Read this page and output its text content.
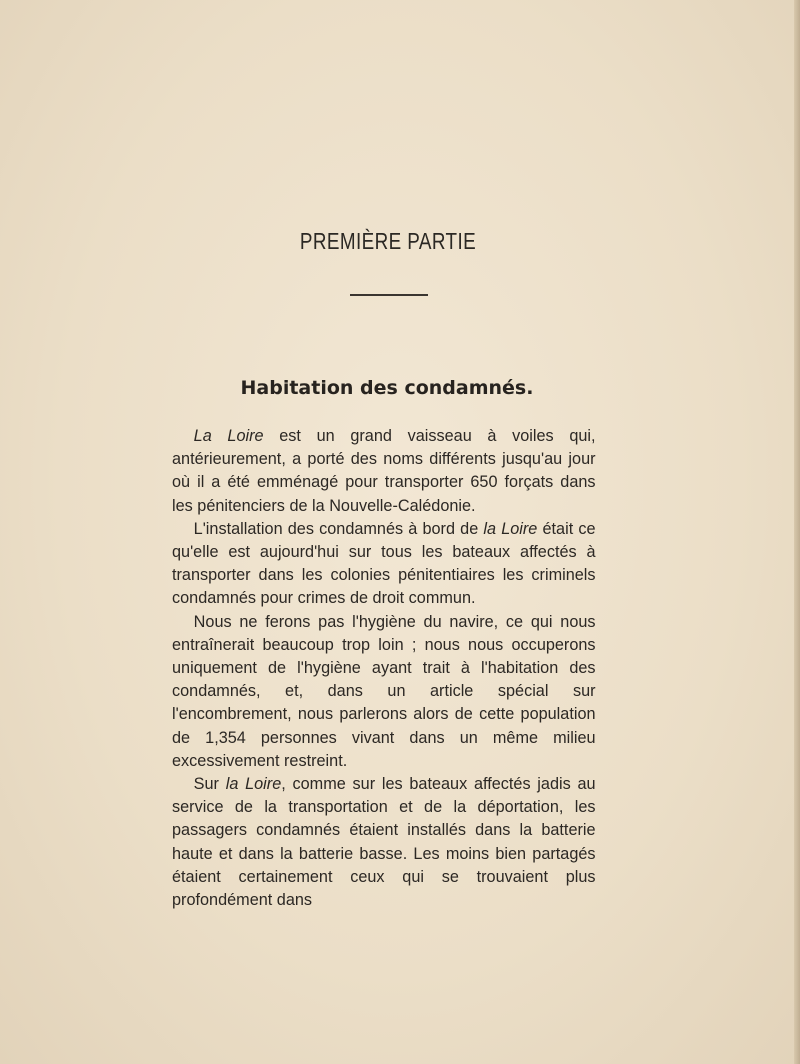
PREMIÈRE PARTIE
Habitation des condamnés.

La Loire est un grand vaisseau à voiles qui, antérieurement, a porté des noms différents jusqu'au jour où il a été emménagé pour transporter 650 forçats dans les pénitenciers de la Nouvelle-Calédonie.

L'installation des condamnés à bord de la Loire était ce qu'elle est aujourd'hui sur tous les bateaux affectés à transporter dans les colonies pénitentiaires les criminels condamnés pour crimes de droit commun.

Nous ne ferons pas l'hygiène du navire, ce qui nous entraînerait beaucoup trop loin ; nous nous occuperons uniquement de l'hygiène ayant trait à l'habitation des condamnés, et, dans un article spécial sur l'encombrement, nous parlerons alors de cette population de 1,354 personnes vivant dans un même milieu excessivement restreint.

Sur la Loire, comme sur les bateaux affectés jadis au service de la transportation et de la déportation, les passagers condamnés étaient installés dans la batterie haute et dans la batterie basse. Les moins bien partagés étaient certainement ceux qui se trouvaient plus profondément dans
